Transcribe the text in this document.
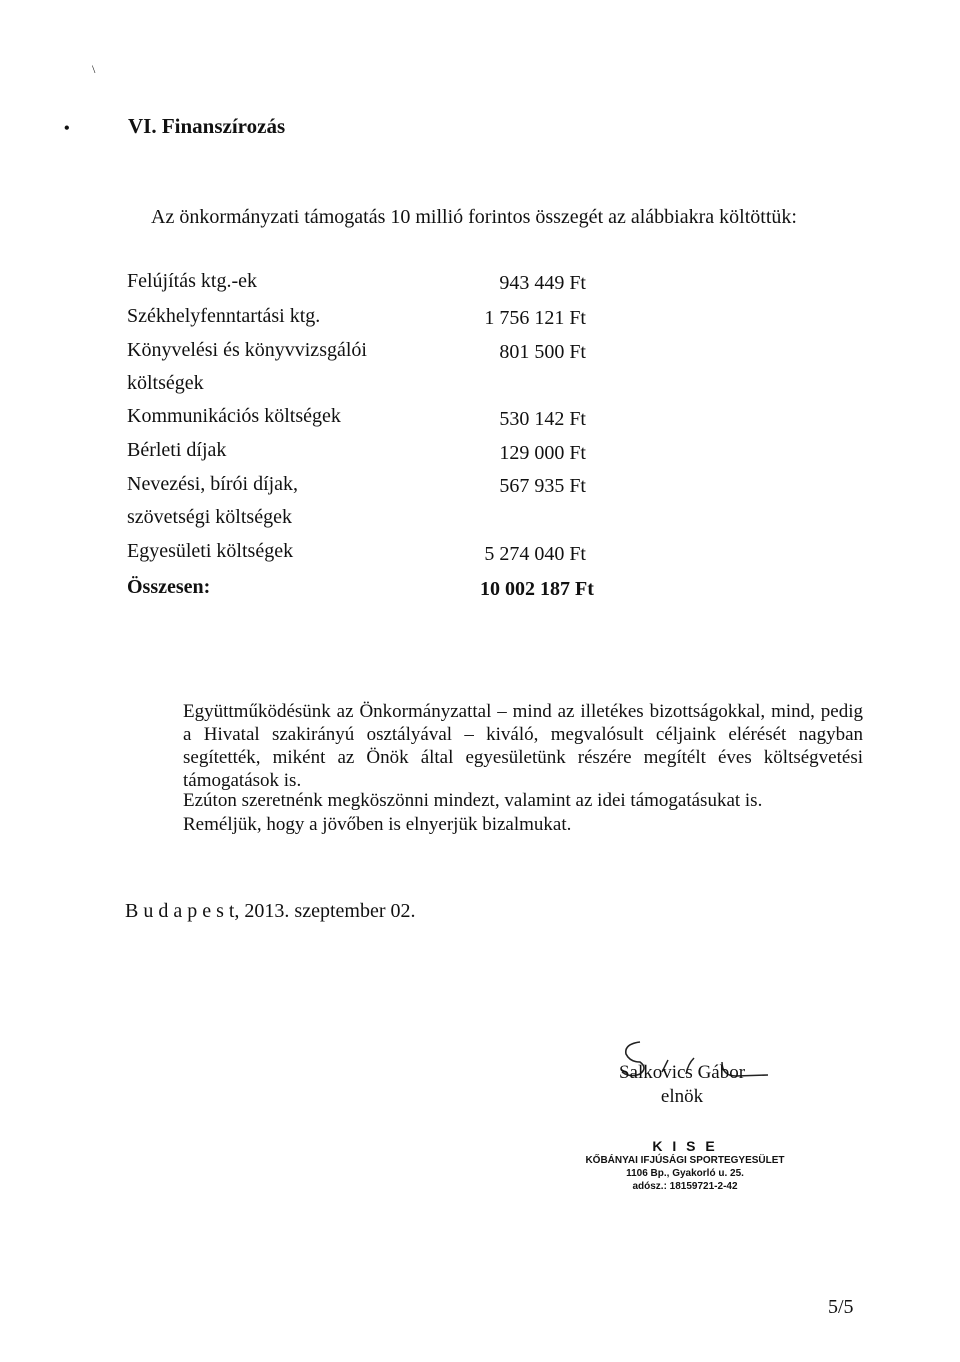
\
•	VI. Finanszírozás
Az önkormányzati támogatás 10 millió forintos összegét az alábbiakra költöttük:
Felújítás ktg.-ek	943 449 Ft
Székhelyfenntartási ktg.	1 756 121 Ft
Könyvelési és könyvvizsgálói	801 500 Ft
költségek
Kommunikációs költségek	530 142 Ft
Bérleti díjak	129 000 Ft
Nevezési, bírói díjak,	567 935 Ft
szövetségi költségek
Egyesületi költségek	5 274 040 Ft
Összesen:	10 002 187 Ft

Együttműködésünk az Önkormányzattal – mind az illetékes bizottságokkal, mind, pedig a Hivatal szakirányú osztályával – kiváló, megvalósult céljaink elérését nagyban segítették, miként az Önök által egyesületünk részére megítélt éves költségvetési támogatások is.

Ezúton szeretnénk megköszönni mindezt, valamint az idei támogatásukat is.
Reméljük, hogy a jövőben is elnyerjük bizalmukat.
B u d a p e s t, 2013. szeptember 02.
Salkovics Gábor
elnök
K I S E
KŐBÁNYAI IFJÚSÁGI SPORTEGYESÜLET
1106 Bp., Gyakorló u. 25.
adósz.: 18159721-2-42
5/5
